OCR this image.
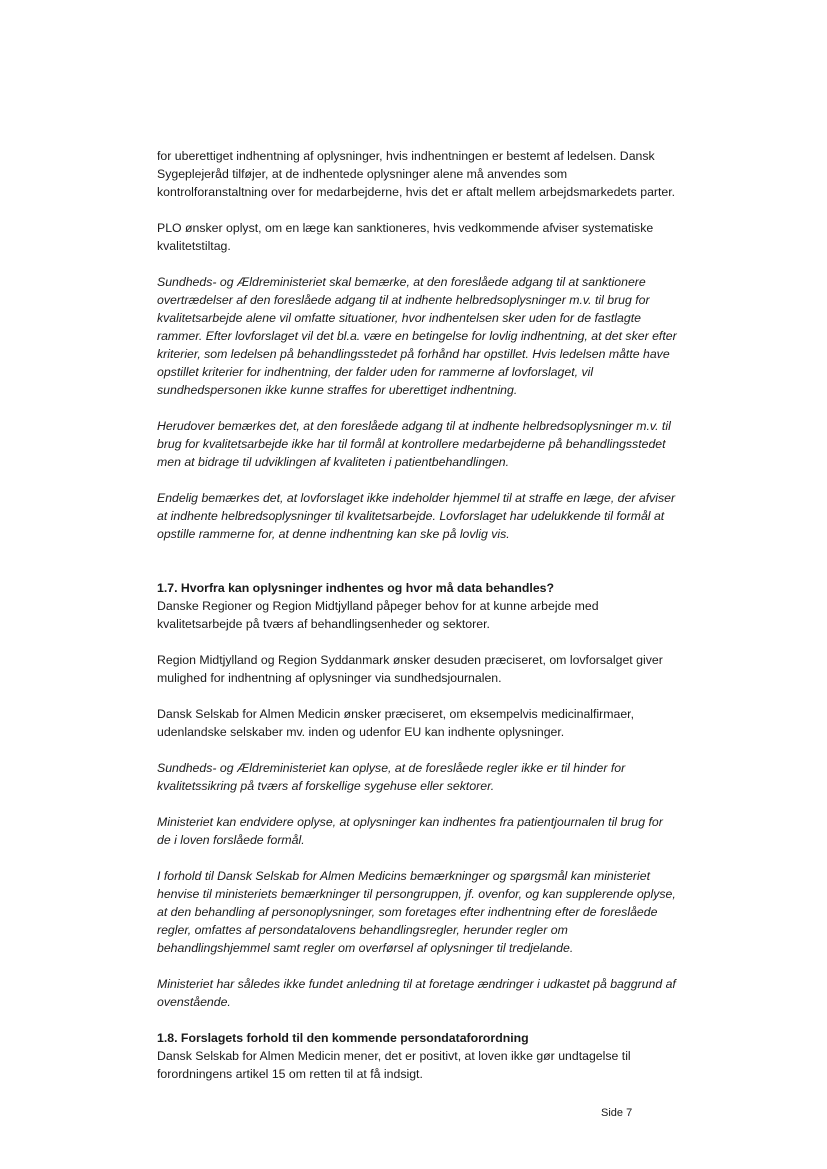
for uberettiget indhentning af oplysninger, hvis indhentningen er bestemt af ledelsen. Dansk Sygeplejeråd tilføjer, at de indhentede oplysninger alene må anvendes som kontrolforanstaltning over for medarbejderne, hvis det er aftalt mellem arbejdsmarkedets parter.

PLO ønsker oplyst, om en læge kan sanktioneres, hvis vedkommende afviser systematiske kvalitetstiltag.

Sundheds- og Ældreministeriet skal bemærke, at den foreslåede adgang til at sanktionere overtrædelser af den foreslåede adgang til at indhente helbredsoplysninger m.v. til brug for kvalitetsarbejde alene vil omfatte situationer, hvor indhentelsen sker uden for de fastlagte rammer. Efter lovforslaget vil det bl.a. være en betingelse for lovlig indhentning, at det sker efter kriterier, som ledelsen på behandlingsstedet på forhånd har opstillet. Hvis ledelsen måtte have opstillet kriterier for indhentning, der falder uden for rammerne af lovforslaget, vil sundhedspersonen ikke kunne straffes for uberettiget indhentning.

Herudover bemærkes det, at den foreslåede adgang til at indhente helbredsoplysninger m.v. til brug for kvalitetsarbejde ikke har til formål at kontrollere medarbejderne på behandlingsstedet men at bidrage til udviklingen af kvaliteten i patientbehandlingen.

Endelig bemærkes det, at lovforslaget ikke indeholder hjemmel til at straffe en læge, der afviser at indhente helbredsoplysninger til kvalitetsarbejde. Lovforslaget har udelukkende til formål at opstille rammerne for, at denne indhentning kan ske på lovlig vis.

1.7. Hvorfra kan oplysninger indhentes og hvor må data behandles?

Danske Regioner og Region Midtjylland påpeger behov for at kunne arbejde med kvalitetsarbejde på tværs af behandlingsenheder og sektorer.

Region Midtjylland og Region Syddanmark ønsker desuden præciseret, om lovforsalget giver mulighed for indhentning af oplysninger via sundhedsjournalen.

Dansk Selskab for Almen Medicin ønsker præciseret, om eksempelvis medicinalfirmaer, udenlandske selskaber mv. inden og udenfor EU kan indhente oplysninger.

Sundheds- og Ældreministeriet kan oplyse, at de foreslåede regler ikke er til hinder for kvalitetssikring på tværs af forskellige sygehuse eller sektorer.

Ministeriet kan endvidere oplyse, at oplysninger kan indhentes fra patientjournalen til brug for de i loven forslåede formål.

I forhold til Dansk Selskab for Almen Medicins bemærkninger og spørgsmål kan ministeriet henvise til ministeriets bemærkninger til persongruppen, jf. ovenfor, og kan supplerende oplyse, at den behandling af personoplysninger, som foretages efter indhentning efter de foreslåede regler, omfattes af persondatalovens behandlingsregler, herunder regler om behandlingshjemmel samt regler om overførsel af oplysninger til tredjelande.

Ministeriet har således ikke fundet anledning til at foretage ændringer i udkastet på baggrund af ovenstående.

1.8. Forslagets forhold til den kommende persondataforordning

Dansk Selskab for Almen Medicin mener, det er positivt, at loven ikke gør undtagelse til forordningens artikel 15 om retten til at få indsigt.

Side 7
